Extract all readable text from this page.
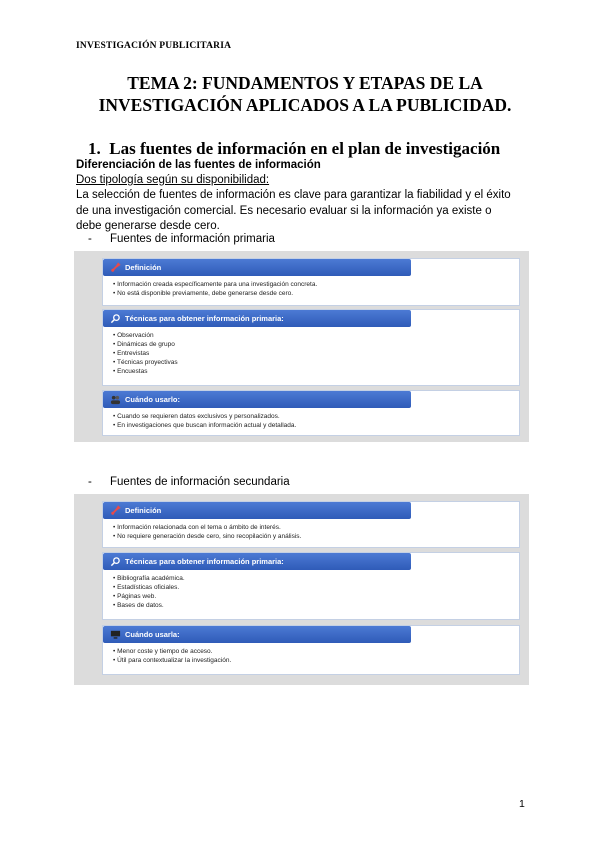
INVESTIGACIÓN PUBLICITARIA
TEMA 2: FUNDAMENTOS Y ETAPAS DE LA
INVESTIGACIÓN APLICADOS A LA PUBLICIDAD.
1. Las fuentes de información en el plan de investigación
Diferenciación de las fuentes de información
Dos tipología según su disponibilidad:

La selección de fuentes de información es clave para garantizar la fiabilidad y el éxito de una investigación comercial. Es necesario evaluar si la información ya existe o debe generarse desde cero.

- Fuentes de información primaria
Definición
• Información creada específicamente para una investigación concreta.
• No está disponible previamente, debe generarse desde cero.
Técnicas para obtener información primaria:
• Observación
• Dinámicas de grupo
• Entrevistas
• Técnicas proyectivas
• Encuestas
Cuándo usarlo:
• Cuando se requieren datos exclusivos y personalizados.
• En investigaciones que buscan información actual y detallada.
- Fuentes de información secundaria
Definición
• Información relacionada con el tema o ámbito de interés.
• No requiere generación desde cero, sino recopilación y análisis.
Técnicas para obtener información primaria:
• Bibliografía académica.
• Estadísticas oficiales.
• Páginas web.
• Bases de datos.
Cuándo usarla:
• Menor coste y tiempo de acceso.
• Útil para contextualizar la investigación.
1
